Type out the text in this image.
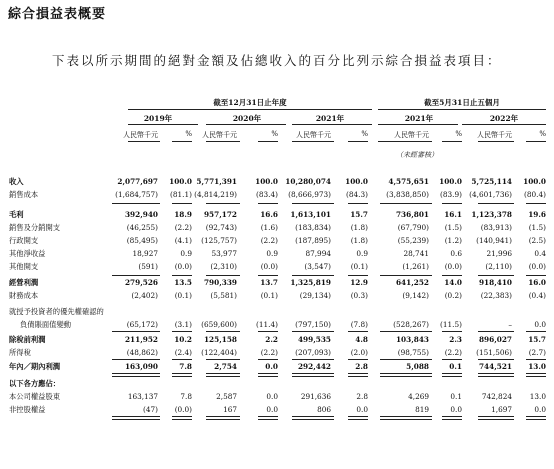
綜合損益表概要
下表以所示期間的絕對金額及佔總收入的百分比列示綜合損益表項目：
截至12月31日止年度	截至5月31日止五個月
2019年	2020年	2021年	2021年	2022年
人民幣千元	% 人民幣千元	%	人民幣千元	%	人民幣千元	% 人民幣千元	%
（未經審核）
收入	2,077,697 100.0 5,771,391 100.0 10,280,074 100.0	4,575,651 100.0 5,725,114 100.0
銷售成本	(1,684,757) (81.1) (4,814,219)	(83.4) (8,666,973) (84.3) (3,838,850) (83.9) (4,601,736) (80.4)
毛利	392,940 18.9 957,172	16.6 1,613,101	15.7	736,801 16.1 1,123,378 19.6
銷售及分銷開支	(46,255) (2.2) (92,743)	(1.6) (183,834)	(1.8)	(67,790) (1.5)	(83,913) (1.5)
行政開支	(85,495) (4.1) (125,757)	(2.2) (187,895)	(1.8)	(55,239) (1.2) (140,941) (2.5)
其他淨收益	18,927	0.9	53,977	0.9	87,994	0.9	28,741	0.6	21,996	0.4
其他開支	(591) (0.0)	(2,310)	(0.0)	(3,547)	(0.1)	(1,261) (0.0)	(2,110) (0.0)
經營利潤	279,526 13.5 790,339	13.7 1,325,819	12.9	641,252 14.0 918,410 16.0
財務成本	(2,402) (0.1)	(5,581)	(0.1)	(29,134)	(0.3)	(9,142) (0.2)	(22,383) (0.4)
就授予投資者的優先權確認的
負債賬面值變動	(65,172) (3.1) (659,600)	(11.4) (797,150)	(7.8)	(528,267) (11.5)	–	0.0
除稅前利潤	211,952 10.2 125,158	2.2	499,535	4.8	103,843	2.3 896,027 15.7
所得稅	(48,862) (2.4) (122,404)	(2.2) (207,093)	(2.0)	(98,755) (2.2) (151,506) (2.7)
年內／期內利潤	163,090	7.8	2,754	0.0	292,442	2.8	5,088	0.1 744,521 13.0
以下各方應佔：
本公司權益股東	163,137	7.8	2,587	0.0	291,636	2.8	4,269	0.1	742,824 13.0
非控股權益	(47) (0.0)	167	0.0	806	0.0	819	0.0	1,697	0.0
